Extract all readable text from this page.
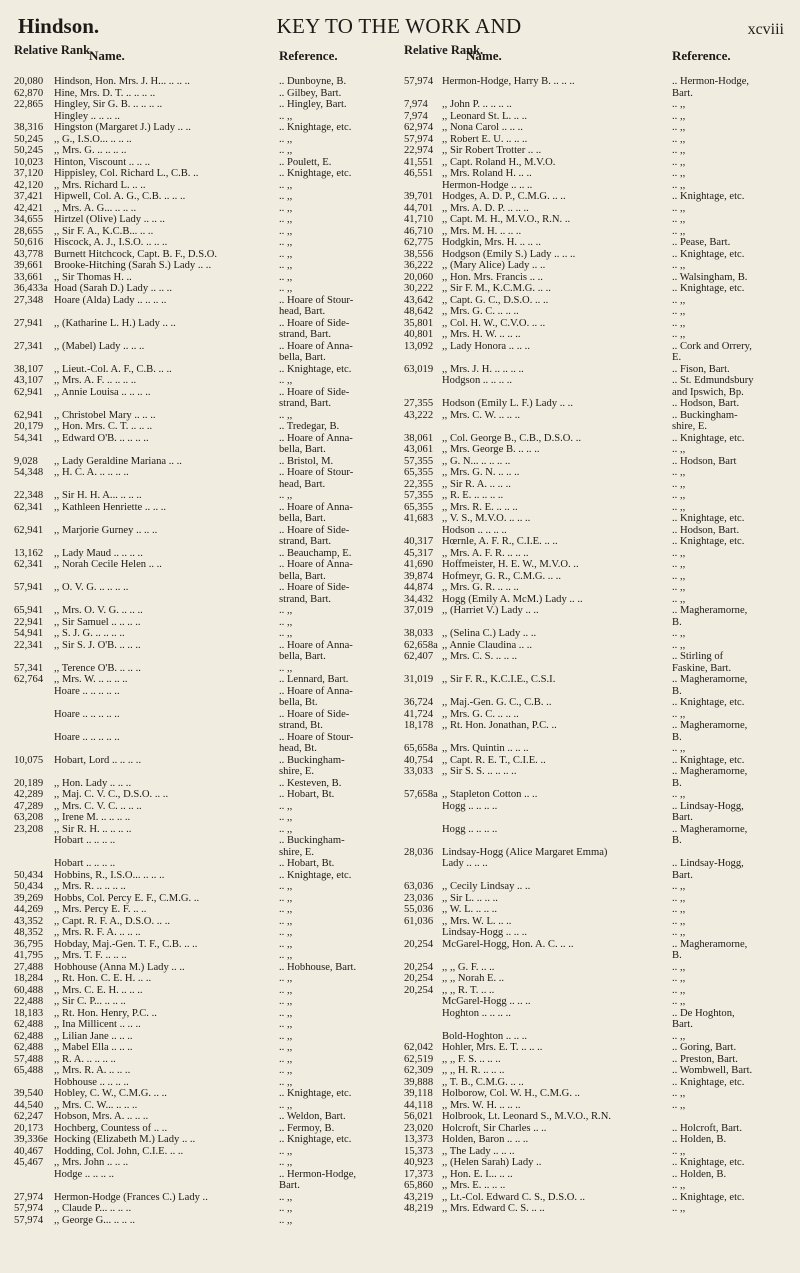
Hindson.	KEY TO THE WORK AND	xcviii
Relative Rank.
Name.	Reference.
20,080	Hindson, Hon. Mrs. J. H... .. .. ..	.. Dunboyne, B.
62,870	Hine, Mrs. D. T. .. .. .. ..	.. Gilbey, Bart.
22,865	Hingley, Sir G. B. .. .. .. ..	.. Hingley, Bart.
Hingley .. .. .. ..	.. ,,
38,316	Hingston (Margaret J.) Lady .. ..	.. Knightage, etc.
50,245	,, G., I.S.O... .. .. ..	.. ,,
50,245	,, Mrs. G. .. .. .. ..	.. ,,
10,023	Hinton, Viscount .. .. ..	.. Poulett, E.
37,120	Hippisley, Col. Richard L., C.B. ..	.. Knightage, etc.
42,120	,, Mrs. Richard L. .. ..	.. ,,
37,421	Hipwell, Col. A. G., C.B. .. .. ..	.. ,,
42,421	,, Mrs. A. G... .. .. ..	.. ,,
34,655	Hirtzel (Olive) Lady .. .. ..	.. ,,
28,655	,, Sir F. A., K.C.B... .. ..	.. ,,
50,616	Hiscock, A. J., I.S.O. .. .. ..	.. ,,
43,778	Burnett Hitchcock, Capt. B. F., D.S.O.	.. ,,
39,661	Brooke-Hitching (Sarah S.) Lady .. ..	.. ,,
33,661	,, Sir Thomas H. ..	.. ,,
36,433a Hoad (Sarah D.) Lady .. .. ..	.. ,,
27,348	Hoare (Alda) Lady .. .. .. ..	.. Hoare of Stour-
head, Bart.
27,941	,, (Katharine L. H.) Lady .. ..	.. Hoare of Side-
strand, Bart.
27,341	,, (Mabel) Lady .. .. ..	.. Hoare of Anna-
bella, Bart.
38,107	,, Lieut.-Col. A. F., C.B. .. ..	.. Knightage, etc.
43,107	,, Mrs. A. F. .. .. .. ..	.. ,,
62,941	,, Annie Louisa .. .. .. ..	.. Hoare of Side-
strand, Bart.
62,941	,, Christobel Mary .. .. ..	.. ,,
20,179	,, Hon. Mrs. C. T. .. .. ..	.. Tredegar, B.
54,341	,, Edward O'B. .. .. .. ..	.. Hoare of Anna-
bella, Bart.
9,028	,, Lady Geraldine Mariana .. ..	.. Bristol, M.
54,348	,, H. C. A. .. .. .. ..	.. Hoare of Stour-
head, Bart.
22,348	,, Sir H. H. A... .. .. ..	.. ,,
62,341	,, Kathleen Henriette .. .. ..	.. Hoare of Anna-
bella, Bart.
62,941	,, Marjorie Gurney .. .. ..	.. Hoare of Side-
strand, Bart.
13,162	,, Lady Maud .. .. .. ..	.. Beauchamp, E.
62,341	,, Norah Cecile Helen .. ..	.. Hoare of Anna-
bella, Bart.
57,941	,, O. V. G. .. .. .. ..	.. Hoare of Side-
strand, Bart.
65,941	,, Mrs. O. V. G. .. .. ..	.. ,,
22,941	,, Sir Samuel .. .. .. ..	.. ,,
54,941	,, S. J. G. .. .. .. ..	.. ,,
22,341	,, Sir S. J. O'B. .. .. ..	.. Hoare of Anna-
bella, Bart.
57,341	,, Terence O'B. .. .. ..	.. ,,
62,764	,, Mrs. W. .. .. .. ..	.. Lennard, Bart.
Hoare .. .. .. .. ..	.. Hoare of Anna-
bella, Bt.
Hoare .. .. .. .. ..	.. Hoare of Side-
strand, Bt.
Hoare .. .. .. .. ..	.. Hoare of Stour-
head, Bt.
10,075	Hobart, Lord .. .. .. ..	.. Buckingham-
shire, E.
20,189	,, Hon. Lady .. .. ..	.. Kesteven, B.
42,289	,, Maj. C. V. C., D.S.O. .. ..	.. Hobart, Bt.
47,289	,, Mrs. C. V. C. .. .. ..	.. ,,
63,208	,, Irene M. .. .. .. ..	.. ,,
23,208	,, Sir R. H. .. .. .. ..	.. ,,
Hobart .. .. .. ..	.. Buckingham-
shire, E.
Hobart .. .. .. ..	.. Hobart, Bt.
50,434	Hobbins, R., I.S.O... .. .. ..	.. Knightage, etc.
50,434	,, Mrs. R. .. .. .. ..	.. ,,
39,269	Hobbs, Col. Percy E. F., C.M.G. ..	.. ,,
44,269	,, Mrs. Percy E. F. .. ..	.. ,,
43,352	,, Capt. R. F. A., D.S.O. .. ..	.. ,,
48,352	,, Mrs. R. F. A. .. .. ..	.. ,,
36,795	Hobday, Maj.-Gen. T. F., C.B. .. ..	.. ,,
41,795	,, Mrs. T. F. .. .. ..	.. ,,
27,488	Hobhouse (Anna M.) Lady .. ..	.. Hobhouse, Bart.
18,284	,, Rt. Hon. C. E. H. .. ..	.. ,,
60,488	,, Mrs. C. E. H. .. .. ..	.. ,,
22,488	,, Sir C. P... .. .. ..	.. ,,
18,183	,, Rt. Hon. Henry, P.C. ..	.. ,,
62,488	,, Ina Millicent .. .. ..	.. ,,
62,488	,, Lilian Jane .. .. ..	.. ,,
62,488	,, Mabel Ella .. .. ..	.. ,,
57,488	,, R. A. .. .. .. ..	.. ,,
65,488	,, Mrs. R. A. .. .. ..	.. ,,
Hobhouse .. .. .. ..	.. ,,
39,540	Hobley, C. W., C.M.G. .. ..	.. Knightage, etc.
44,540	,, Mrs. C. W... .. .. ..	.. ,,
62,247	Hobson, Mrs. A. .. .. ..	.. Weldon, Bart.
20,173	Hochberg, Countess of .. ..	.. Fermoy, B.
39,336e Hocking (Elizabeth M.) Lady .. ..	.. Knightage, etc.
40,467	Hodding, Col. John, C.I.E. .. ..	.. ,,
45,467	,, Mrs. John .. .. ..	.. ,,
Hodge .. .. .. ..	.. Hermon-Hodge,
Bart.
27,974	Hermon-Hodge (Frances C.) Lady ..	.. ,,
57,974	,, Claude P... .. .. ..	.. ,,
57,974	,, George G... .. .. ..	.. ,,
Relative Rank.
Name.	Reference.
57,974 Hermon-Hodge, Harry B. .. .. ..	.. Hermon-Hodge,
Bart.
7,974	,, John P. .. .. .. ..	.. ,,
7,974	,, Leonard St. L. .. ..	.. ,,
62,974 ,, Nona Carol .. .. ..	.. ,,
57,974 ,, Robert E. U. .. .. ..	.. ,,
22,974 ,, Sir Robert Trotter .. ..	.. ,,
41,551 ,, Capt. Roland H., M.V.O.	.. ,,
46,551 ,, Mrs. Roland H. .. ..	.. ,,
Hermon-Hodge .. .. ..	.. ,,
39,701 Hodges, A. D. P., C.M.G. .. ..	.. Knightage, etc.
44,701 ,, Mrs. A. D. P. .. .. ..	.. ,,
41,710 ,, Capt. M. H., M.V.O., R.N. ..	.. ,,
46,710 ,, Mrs. M. H. .. .. ..	.. ,,
62,775 Hodgkin, Mrs. H. .. .. ..	.. Pease, Bart.
38,556 Hodgson (Emily S.) Lady .. .. ..	.. Knightage, etc.
36,222 ,, (Mary Alice) Lady .. ..	.. ,,
20,060 ,, Hon. Mrs. Francis .. ..	.. Walsingham, B.
30,222 ,, Sir F. M., K.C.M.G. .. ..	.. Knightage, etc.
43,642 ,, Capt. G. C., D.S.O. .. ..	.. ,,
48,642 ,, Mrs. G. C. .. .. ..	.. ,,
35,801 ,, Col. H. W., C.V.O. .. ..	.. ,,
40,801 ,, Mrs. H. W. .. .. ..	.. ,,
13,092 ,, Lady Honora .. .. ..	.. Cork and Orrery,
E.
63,019 ,, Mrs. J. H. .. .. .. ..	.. Fison, Bart.
Hodgson .. .. .. ..	.. St. Edmundsbury
and Ipswich, Bp.
27,355 Hodson (Emily L. F.) Lady .. ..	.. Hodson, Bart.
43,222 ,, Mrs. C. W. .. .. ..	.. Buckingham-
shire, E.
38,061 ,, Col. George B., C.B., D.S.O. ..	.. Knightage, etc.
43,061 ,, Mrs. George B. .. .. ..	.. ,,
57,355 ,, G. N... .. .. .. ..	.. Hodson, Bart
65,355 ,, Mrs. G. N. .. .. ..	.. ,,
22,355 ,, Sir R. A. .. .. ..	.. ,,
57,355 ,, R. E. .. .. .. ..	.. ,,
65,355 ,, Mrs. R. E. .. .. ..	.. ,,
41,683 ,, V. S., M.V.O. .. .. ..	.. Knightage, etc.
Hodson .. .. .. ..	.. Hodson, Bart.
40,317 Hœrnle, A. F. R., C.I.E. .. ..	.. Knightage, etc.
45,317 ,, Mrs. A. F. R. .. .. ..	.. ,,
41,690 Hoffmeister, H. E. W., M.V.O. ..	.. ,,
39,874 Hofmeyr, G. R., C.M.G. .. ..	.. ,,
44,874 ,, Mrs. G. R. .. .. ..	.. ,,
34,432 Hogg (Emily A. McM.) Lady .. ..	.. ,,
37,019 ,, (Harriet V.) Lady .. ..	.. Magheramorne,
B.
38,033 ,, (Selina C.) Lady .. ..	.. ,,
62,658a ,, Annie Claudina .. ..	.. ,,
62,407 ,, Mrs. C. S. .. .. ..	.. Stirling of
Faskine, Bart.
31,019 ,, Sir F. R., K.C.I.E., C.S.I.	.. Magheramorne,
B.
36,724 ,, Maj.-Gen. G. C., C.B. ..	.. Knightage, etc.
41,724 ,, Mrs. G. C. .. .. ..	.. ,,
18,178 ,, Rt. Hon. Jonathan, P.C. ..	.. Magheramorne,
B.
65,658a ,, Mrs. Quintin .. .. ..	.. ,,
40,754 ,, Capt. R. E. T., C.I.E. ..	.. Knightage, etc.
33,033 ,, Sir S. S. .. .. .. ..	.. Magheramorne,
B.
57,658a ,, Stapleton Cotton .. ..	.. ,,
Hogg .. .. .. ..	.. Lindsay-Hogg,
Bart.
Hogg .. .. .. ..	.. Magheramorne,
B.
28,036 Lindsay-Hogg (Alice Margaret Emma)
Lady .. .. ..	.. Lindsay-Hogg,
Bart.
63,036 ,, Cecily Lindsay .. ..	.. ,,
23,036 ,, Sir L. .. .. ..	.. ,,
55,036 ,, W. L. .. .. ..	.. ,,
61,036 ,, Mrs. W. L. .. ..	.. ,,
Lindsay-Hogg .. .. ..	.. ,,
20,254 McGarel-Hogg, Hon. A. C. .. ..	.. Magheramorne,
B.
20,254 ,, ,, G. F. .. ..	.. ,,
20,254 ,, ,, Norah E. ..	.. ,,
20,254 ,, ,, R. T. .. ..	.. ,,
McGarel-Hogg .. .. ..	.. ,,
Hoghton .. .. .. ..	.. De Hoghton,
Bart.
Bold-Hoghton .. .. ..	.. ,,
62,042 Hohler, Mrs. E. T. .. .. ..	.. Goring, Bart.
62,519 ,, ,, F. S. .. .. ..	.. Preston, Bart.
62,309 ,, ,, H. R. .. .. ..	.. Wombwell, Bart.
39,888 ,, T. B., C.M.G. .. ..	.. Knightage, etc.
39,118 Holborow, Col. W. H., C.M.G. ..	.. ,,
44,118 ,, Mrs. W. H. .. .. ..	.. ,,
56,021 Holbrook, Lt. Leonard S., M.V.O., R.N.
23,020 Holcroft, Sir Charles .. ..	.. Holcroft, Bart.
13,373 Holden, Baron .. .. ..	.. Holden, B.
15,373 ,, The Lady .. .. ..	.. ,,
40,923 ,, (Helen Sarah) Lady ..	.. Knightage, etc.
17,373 ,, Hon. E. I... .. ..	.. Holden, B.
65,860 ,, Mrs. E. .. .. ..	.. ,,
43,219 ,, Lt.-Col. Edward C. S., D.S.O. ..	.. Knightage, etc.
48,219 ,, Mrs. Edward C. S. .. ..	.. ,,
